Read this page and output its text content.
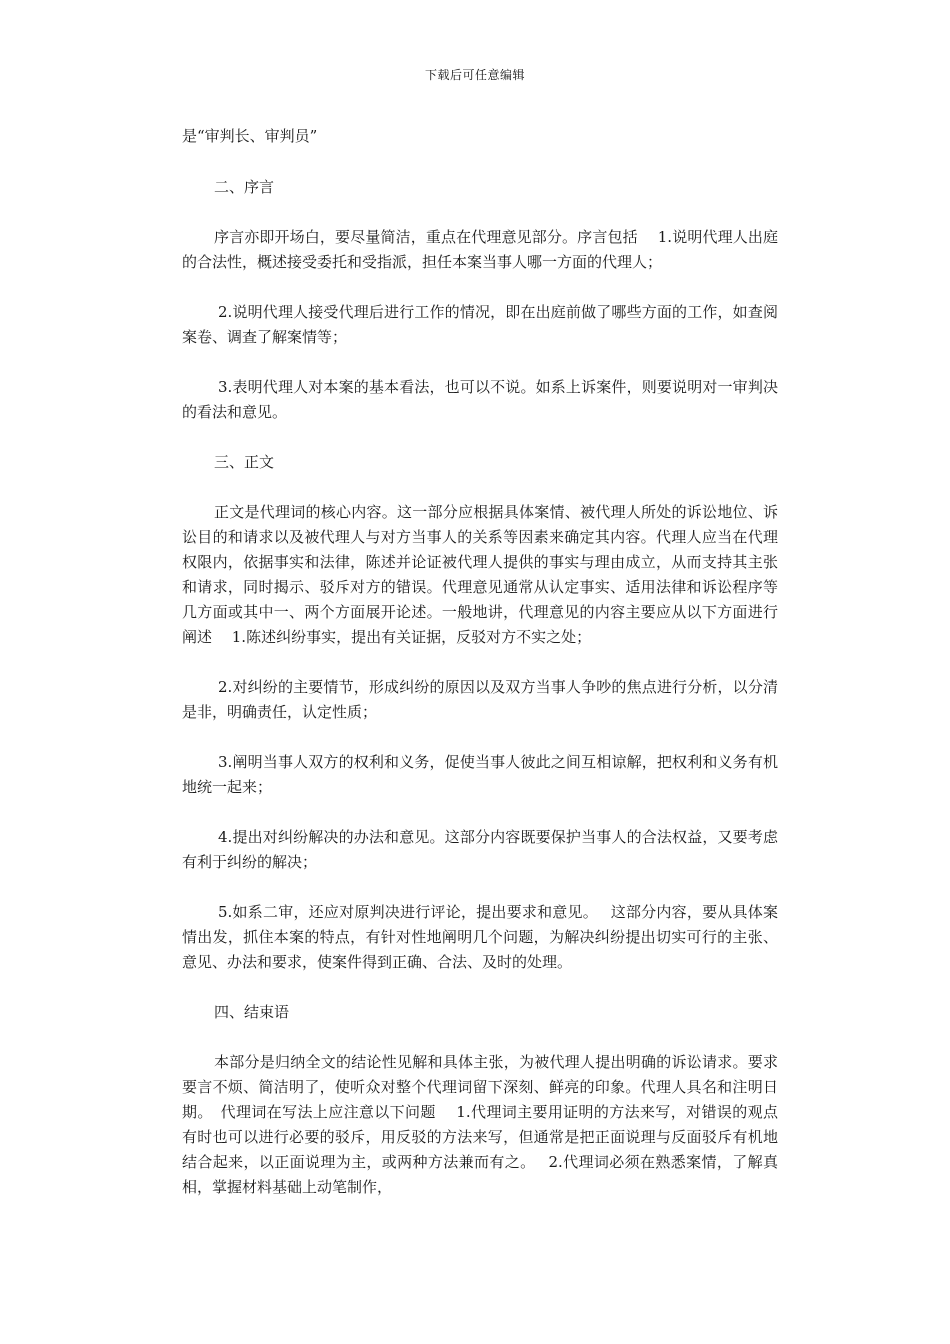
下载后可任意编辑

是“审判长、审判员”

二、序言

序言亦即开场白，要尽量简洁，重点在代理意见部分。序言包括　 1.说明代理人出庭的合法性，概述接受委托和受指派，担任本案当事人哪一方面的代理人；

2.说明代理人接受代理后进行工作的情况，即在出庭前做了哪些方面的工作，如查阅案卷、调查了解案情等；

3.表明代理人对本案的基本看法，也可以不说。如系上诉案件，则要说明对一审判决的看法和意见。

三、正文

正文是代理词的核心内容。这一部分应根据具体案情、被代理人所处的诉讼地位、诉讼目的和请求以及被代理人与对方当事人的关系等因素来确定其内容。代理人应当在代理权限内，依据事实和法律，陈述并论证被代理人提供的事实与理由成立，从而支持其主张和请求，同时揭示、驳斥对方的错误。代理意见通常从认定事实、适用法律和诉讼程序等几方面或其中一、两个方面展开论述。一般地讲，代理意见的内容主要应从以下方面进行阐述　 1.陈述纠纷事实，提出有关证据，反驳对方不实之处；

2.对纠纷的主要情节，形成纠纷的原因以及双方当事人争吵的焦点进行分析，以分清是非，明确责任，认定性质；

3.阐明当事人双方的权利和义务，促使当事人彼此之间互相谅解，把权利和义务有机地统一起来；

4.提出对纠纷解决的办法和意见。这部分内容既要保护当事人的合法权益，又要考虑有利于纠纷的解决；

5.如系二审，还应对原判决进行评论，提出要求和意见。　 这部分内容，要从具体案情出发，抓住本案的特点，有针对性地阐明几个问题，为解决纠纷提出切实可行的主张、意见、办法和要求，使案件得到正确、合法、及时的处理。

四、结束语

本部分是归纳全文的结论性见解和具体主张，为被代理人提出明确的诉讼请求。要求要言不烦、简洁明了，使听众对整个代理词留下深刻、鲜亮的印象。代理人具名和注明日期。　代理词在写法上应注意以下问题　 1.代理词主要用证明的方法来写，对错误的观点有时也可以进行必要的驳斥，用反驳的方法来写，但通常是把正面说理与反面驳斥有机地结合起来，以正面说理为主，或两种方法兼而有之。　 2.代理词必须在熟悉案情，了解真相，掌握材料基础上动笔制作，
